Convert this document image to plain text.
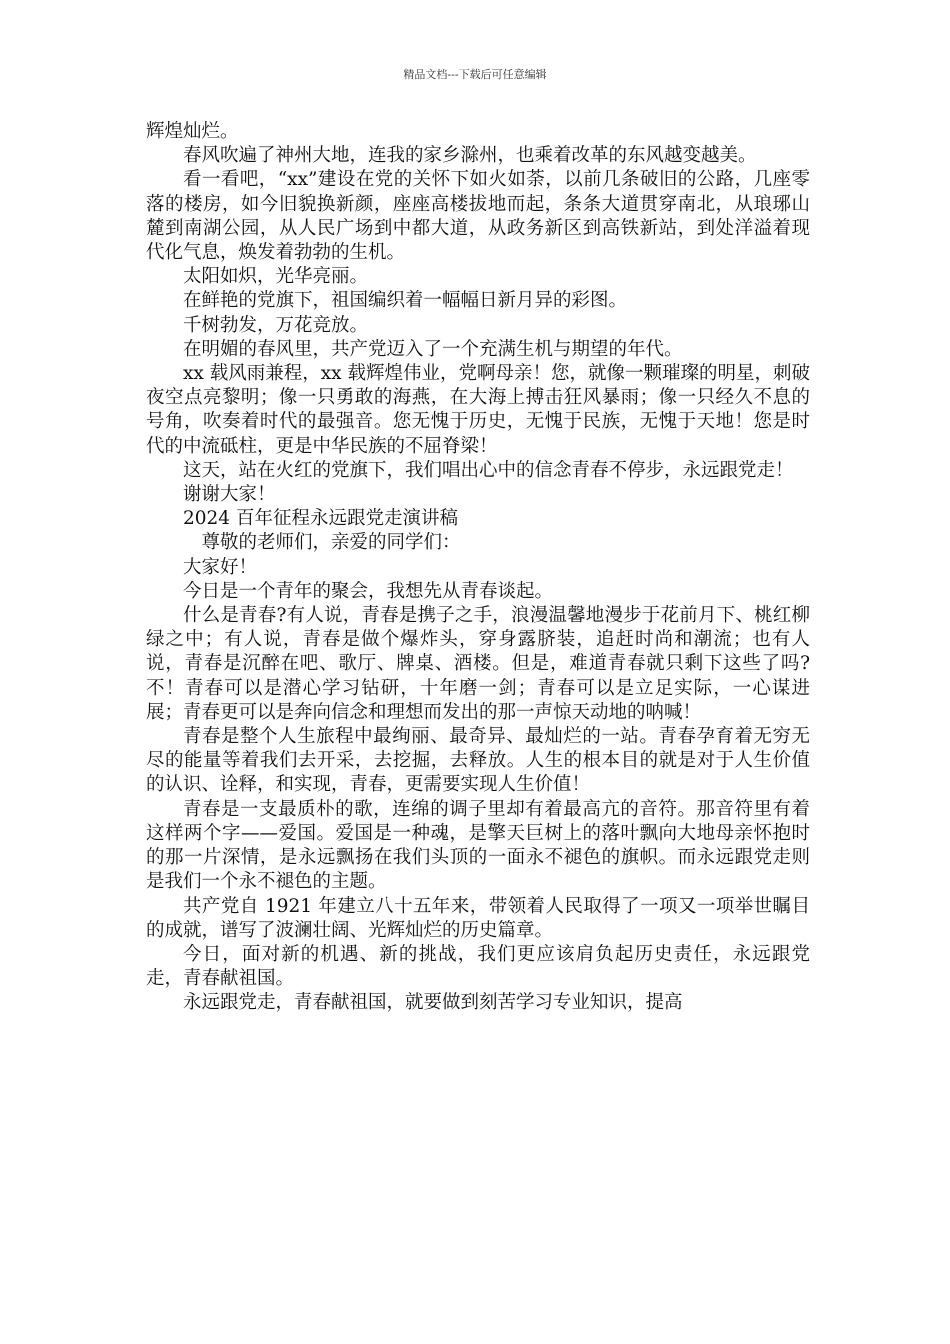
精品文档---下载后可任意编辑

辉煌灿烂。

春风吹遍了神州大地，连我的家乡滁州，也乘着改革的东风越变越美。

看一看吧，“xx”建设在党的关怀下如火如荼，以前几条破旧的公路，几座零落的楼房，如今旧貌换新颜，座座高楼拔地而起，条条大道贯穿南北，从琅琊山麓到南湖公园，从人民广场到中都大道，从政务新区到高铁新站，到处洋溢着现代化气息，焕发着勃勃的生机。

太阳如炽，光华亮丽。

在鲜艳的党旗下，祖国编织着一幅幅日新月异的彩图。

千树勃发，万花竞放。

在明媚的春风里，共产党迈入了一个充满生机与期望的年代。

xx 载风雨兼程，xx 载辉煌伟业，党啊母亲！您，就像一颗璀璨的明星，刺破夜空点亮黎明；像一只勇敢的海燕，在大海上搏击狂风暴雨；像一只经久不息的号角，吹奏着时代的最强音。您无愧于历史，无愧于民族，无愧于天地！您是时代的中流砥柱，更是中华民族的不屈脊梁！

这天，站在火红的党旗下，我们唱出心中的信念青春不停步，永远跟党走！

谢谢大家！

2024 百年征程永远跟党走演讲稿

尊敬的老师们，亲爱的同学们：

大家好！

今日是一个青年的聚会，我想先从青春谈起。

什么是青春?有人说，青春是携子之手，浪漫温馨地漫步于花前月下、桃红柳绿之中；有人说，青春是做个爆炸头，穿身露脐装，追赶时尚和潮流；也有人说，青春是沉醉在吧、歌厅、牌桌、酒楼。但是，难道青春就只剩下这些了吗?不！青春可以是潜心学习钻研，十年磨一剑；青春可以是立足实际，一心谋进展；青春更可以是奔向信念和理想而发出的那一声惊天动地的呐喊！

青春是整个人生旅程中最绚丽、最奇异、最灿烂的一站。青春孕育着无穷无尽的能量等着我们去开采，去挖掘，去释放。人生的根本目的就是对于人生价值的认识、诠释，和实现，青春，更需要实现人生价值！

青春是一支最质朴的歌，连绵的调子里却有着最高亢的音符。那音符里有着这样两个字——爱国。爱国是一种魂，是擎天巨树上的落叶飘向大地母亲怀抱时的那一片深情，是永远飘扬在我们头顶的一面永不褪色的旗帜。而永远跟党走则是我们一个永不褪色的主题。

共产党自 1921 年建立八十五年来，带领着人民取得了一项又一项举世瞩目的成就，谱写了波澜壮阔、光辉灿烂的历史篇章。

今日，面对新的机遇、新的挑战，我们更应该肩负起历史责任，永远跟党走，青春献祖国。

永远跟党走，青春献祖国，就要做到刻苦学习专业知识，提高
